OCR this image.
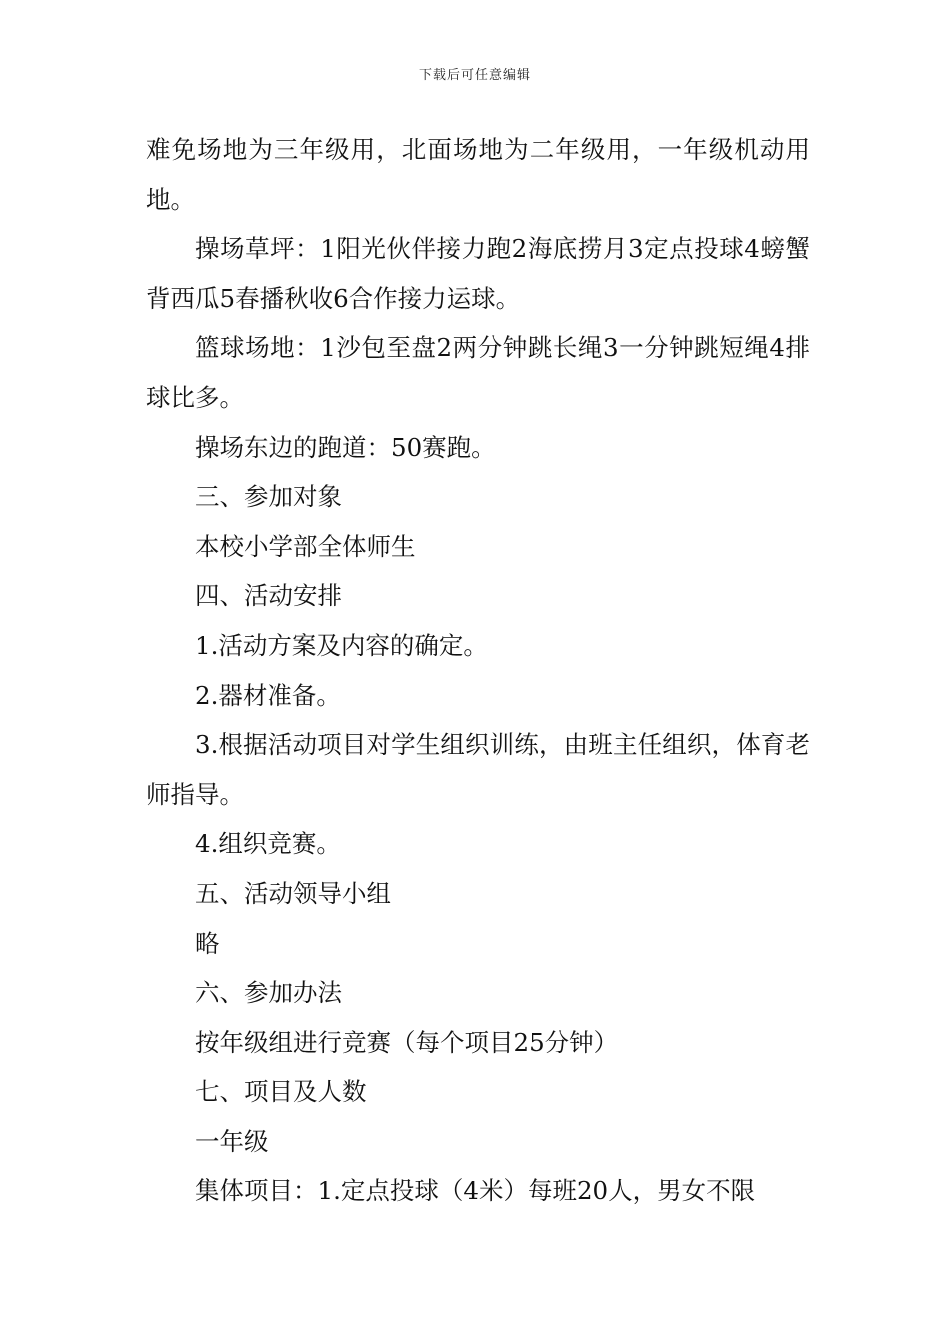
下载后可任意编辑

难免场地为三年级用，北面场地为二年级用，一年级机动用地。

操场草坪：1阳光伙伴接力跑2海底捞月3定点投球4螃蟹背西瓜5春播秋收6合作接力运球。

篮球场地：1沙包至盘2两分钟跳长绳3一分钟跳短绳4排球比多。

操场东边的跑道：50赛跑。

三、参加对象

本校小学部全体师生

四、活动安排

1.活动方案及内容的确定。

2.器材准备。

3.根据活动项目对学生组织训练，由班主任组织，体育老师指导。

4.组织竞赛。

五、活动领导小组

略

六、参加办法

按年级组进行竞赛（每个项目25分钟）

七、项目及人数

一年级

集体项目：1.定点投球（4米）每班20人，男女不限
